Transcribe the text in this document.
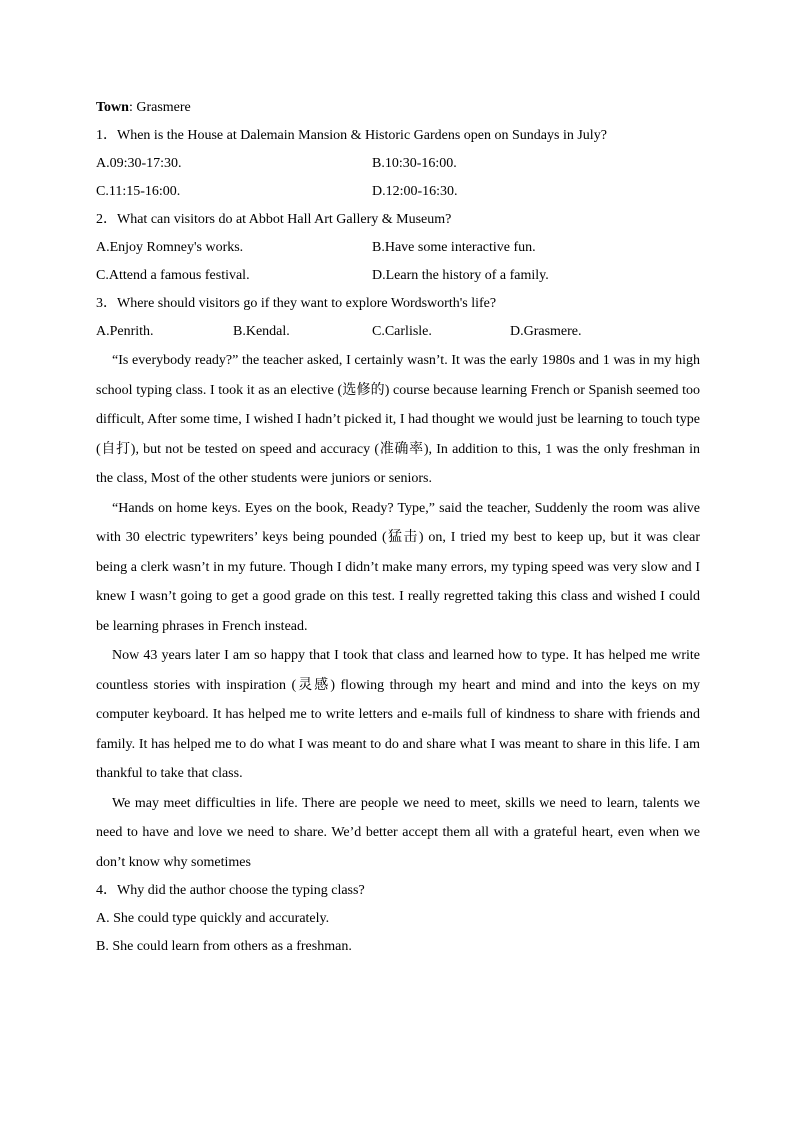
Town: Grasmere
1．When is the House at Dalemain Mansion & Historic Gardens open on Sundays in July?
A.09:30-17:30.	B.10:30-16:00.
C.11:15-16:00.	D.12:00-16:30.
2．What can visitors do at Abbot Hall Art Gallery & Museum?
A.Enjoy Romney's works.	B.Have some interactive fun.
C.Attend a famous festival.	D.Learn the history of a family.
3．Where should visitors go if they want to explore Wordsworth's life?
A.Penrith.	B.Kendal.	C.Carlisle.	D.Grasmere.

“Is everybody ready?” the teacher asked, I certainly wasn’t. It was the early 1980s and 1 was in my high school typing class. I took it as an elective (选修的) course because learning French or Spanish seemed too difficult, After some time, I wished I hadn’t picked it, I had thought we would just be learning to touch type (自打), but not be tested on speed and accuracy (准确率), In addition to this, 1 was the only freshman in the class, Most of the other students were juniors or seniors.

“Hands on home keys. Eyes on the book, Ready? Type,” said the teacher, Suddenly the room was alive with 30 electric typewriters’ keys being pounded (猛击) on, I tried my best to keep up, but it was clear being a clerk wasn’t in my future. Though I didn’t make many errors, my typing speed was very slow and I knew I wasn’t going to get a good grade on this test. I really regretted taking this class and wished I could be learning phrases in French instead.

Now 43 years later I am so happy that I took that class and learned how to type. It has helped me write countless stories with inspiration (灵感) flowing through my heart and mind and into the keys on my computer keyboard. It has helped me to write letters and e-mails full of kindness to share with friends and family. It has helped me to do what I was meant to do and share what I was meant to share in this life. I am thankful to take that class.

We may meet difficulties in life. There are people we need to meet, skills we need to learn, talents we need to have and love we need to share. We’d better accept them all with a grateful heart, even when we don’t know why sometimes

4．Why did the author choose the typing class?
A. She could type quickly and accurately.
B. She could learn from others as a freshman.
